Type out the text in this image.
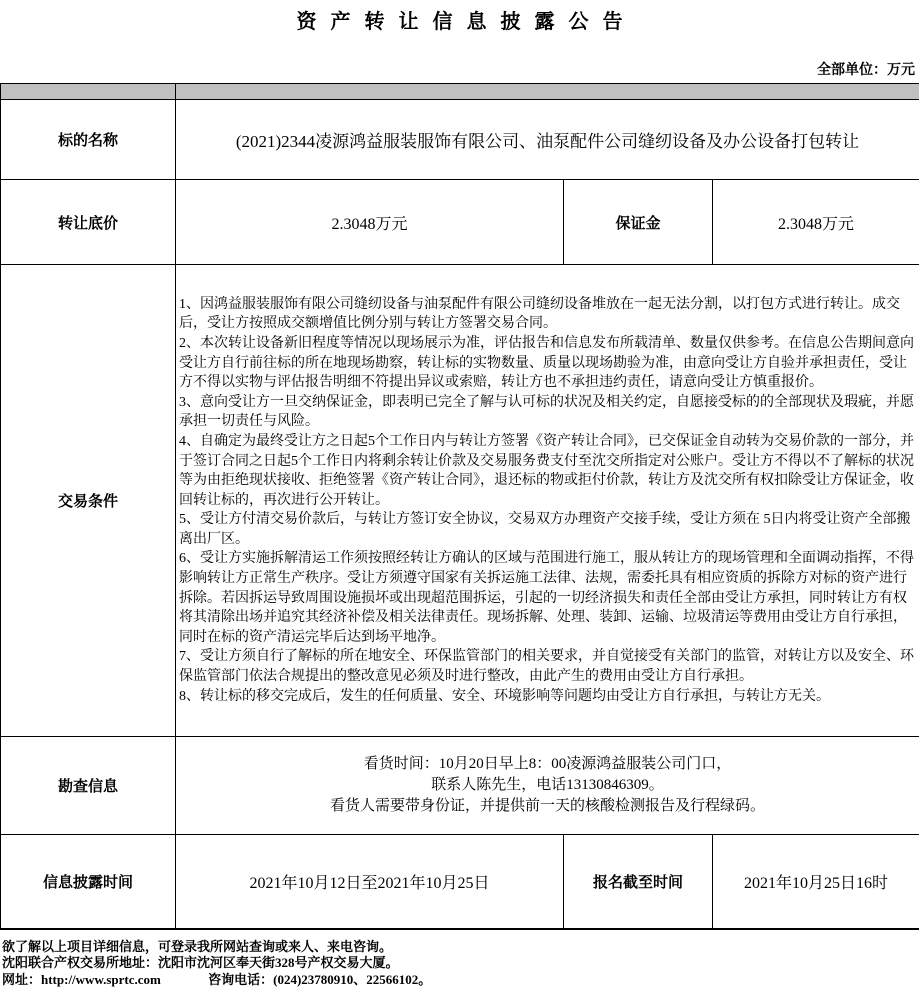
资产转让信息披露公告
全部单位：万元

标的名称	(2021)2344凌源鸿益服装服饰有限公司、油泵配件公司缝纫设备及办公设备打包转让		
转让底价	2.3048万元	保证金	2.3048万元
交易条件	

1、因鸿益服装服饰有限公司缝纫设备与油泵配件有限公司缝纫设备堆放在一起无法分割，以打包方式进行转让。成交后，受让方按照成交额增值比例分别与转让方签署交易合同。

2、本次转让设备新旧程度等情况以现场展示为准，评估报告和信息发布所载清单、数量仅供参考。在信息公告期间意向受让方自行前往标的所在地现场勘察，转让标的实物数量、质量以现场勘验为准，由意向受让方自验并承担责任，受让方不得以实物与评估报告明细不符提出异议或索赔，转让方也不承担违约责任，请意向受让方慎重报价。

3、意向受让方一旦交纳保证金，即表明已完全了解与认可标的状况及相关约定，自愿接受标的的全部现状及瑕疵，并愿承担一切责任与风险。

4、自确定为最终受让方之日起5个工作日内与转让方签署《资产转让合同》，已交保证金自动转为交易价款的一部分，并于签订合同之日起5个工作日内将剩余转让价款及交易服务费支付至沈交所指定对公账户。受让方不得以不了解标的状况等为由拒绝现状接收、拒绝签署《资产转让合同》，退还标的物或拒付价款，转让方及沈交所有权扣除受让方保证金，收回转让标的，再次进行公开转让。

5、受让方付清交易价款后，与转让方签订安全协议，交易双方办理资产交接手续，受让方须在 5日内将受让资产全部搬离出厂区。

6、受让方实施拆解清运工作须按照经转让方确认的区域与范围进行施工，服从转让方的现场管理和全面调动指挥，不得影响转让方正常生产秩序。受让方须遵守国家有关拆运施工法律、法规，需委托具有相应资质的拆除方对标的资产进行拆除。若因拆运导致周围设施损坏或出现超范围拆运，引起的一切经济损失和责任全部由受让方承担，同时转让方有权将其清除出场并追究其经济补偿及相关法律责任。现场拆解、处理、装卸、运输、垃圾清运等费用由受让方自行承担，同时在标的资产清运完毕后达到场平地净。

7、受让方须自行了解标的所在地安全、环保监管部门的相关要求，并自觉接受有关部门的监管，对转让方以及安全、环保监管部门依法合规提出的整改意见必须及时进行整改，由此产生的费用由受让方自行承担。

8、转让标的移交完成后，发生的任何质量、安全、环境影响等问题均由受让方自行承担，与转让方无关。

勘查信息	看货时间：10月20日早上8：00凌源鸿益服装公司门口，
联系人陈先生，电话13130846309。
看货人需要带身份证，并提供前一天的核酸检测报告及行程绿码。		

信息披露时间	2021年10月12日至2021年10月25日	报名截至时间	2021年10月25日16时
欲了解以上项目详细信息，可登录我所网站查询或来人、来电咨询。
沈阳联合产权交易所地址：沈阳市沈河区奉天街328号产权交易大厦。
网址：http://www.sprtc.com	咨询电话：(024)23780910、22566102。
